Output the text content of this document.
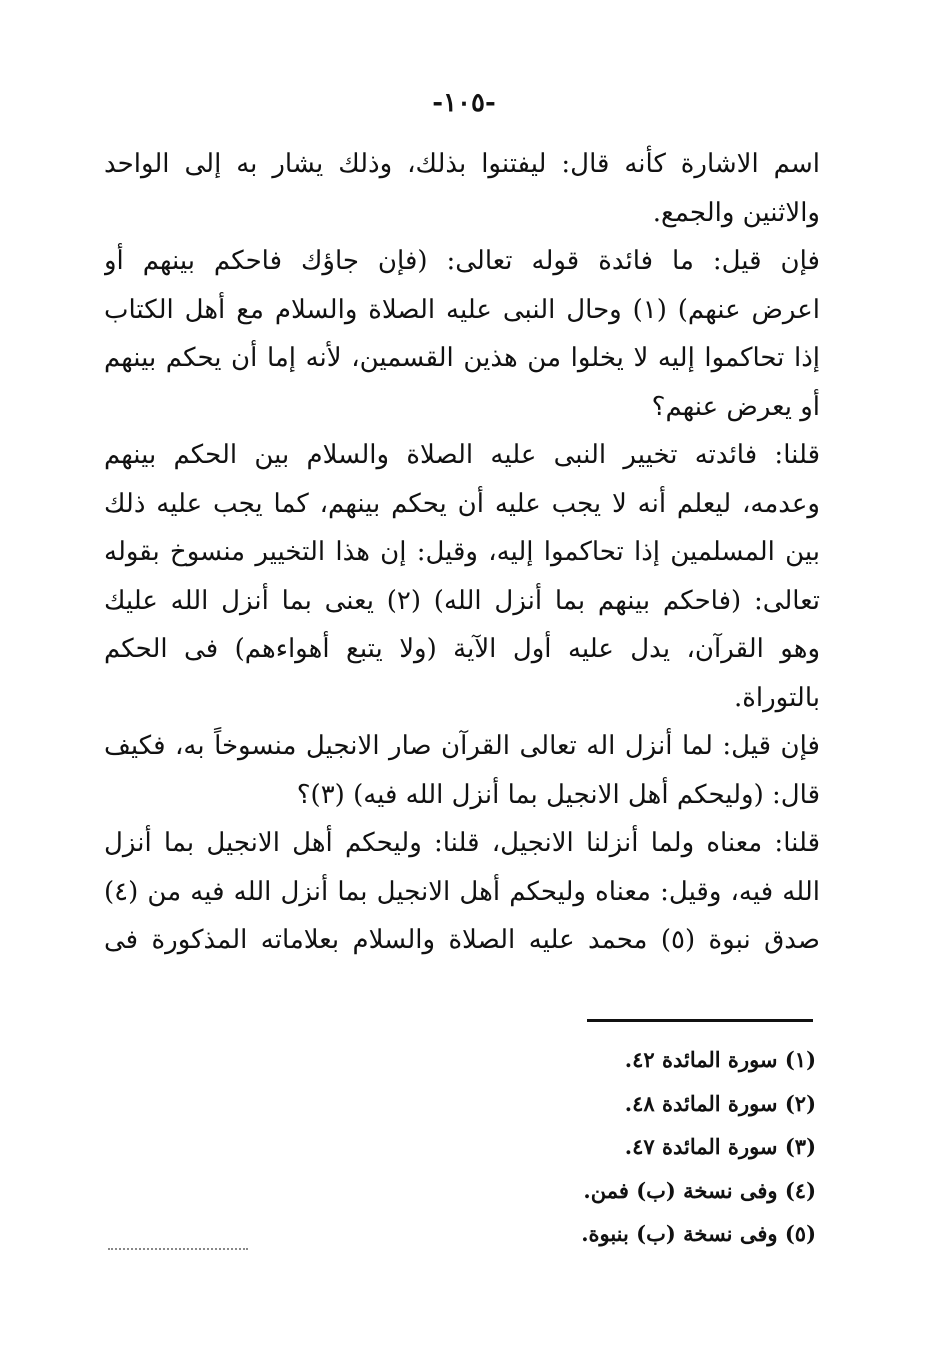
-١٠٥-

اسم الاشارة كأنه قال: ليفتنوا بذلك، وذلك يشار به إلى الواحد
والاثنين والجمع.

فإن قيل: ما فائدة قوله تعالى: (فإن جاؤك فاحكم بينهم أو
اعرض عنهم) (١) وحال النبى عليه الصلاة والسلام مع أهل الكتاب
إذا تحاكموا إليه لا يخلوا من هذين القسمين، لأنه إما أن يحكم بينهم
أو يعرض عنهم؟

قلنا: فائدته تخيير النبى عليه الصلاة والسلام بين الحكم بينهم
وعدمه، ليعلم أنه لا يجب عليه أن يحكم بينهم، كما يجب عليه ذلك
بين المسلمين إذا تحاكموا إليه، وقيل: إن هذا التخيير منسوخ بقوله
تعالى: (فاحكم بينهم بما أنزل الله) (٢) يعنى بما أنزل الله عليك
وهو القرآن، يدل عليه أول الآية (ولا يتبع أهواءهم) فى الحكم
بالتوراة.

فإن قيل: لما أنزل اله تعالى القرآن صار الانجيل منسوخاً به، فكيف
قال: (وليحكم أهل الانجيل بما أنزل الله فيه) (٣)؟

قلنا: معناه ولما أنزلنا الانجيل، قلنا: وليحكم أهل الانجيل بما أنزل
الله فيه، وقيل: معناه وليحكم أهل الانجيل بما أنزل الله فيه من (٤)
صدق نبوة (٥) محمد عليه الصلاة والسلام بعلاماته المذكورة فى

(١) سورة المائدة ٤٢.
(٢) سورة المائدة ٤٨.
(٣) سورة المائدة ٤٧.
(٤) وفى نسخة (ب) فمن.
(٥) وفى نسخة (ب) بنبوة.
